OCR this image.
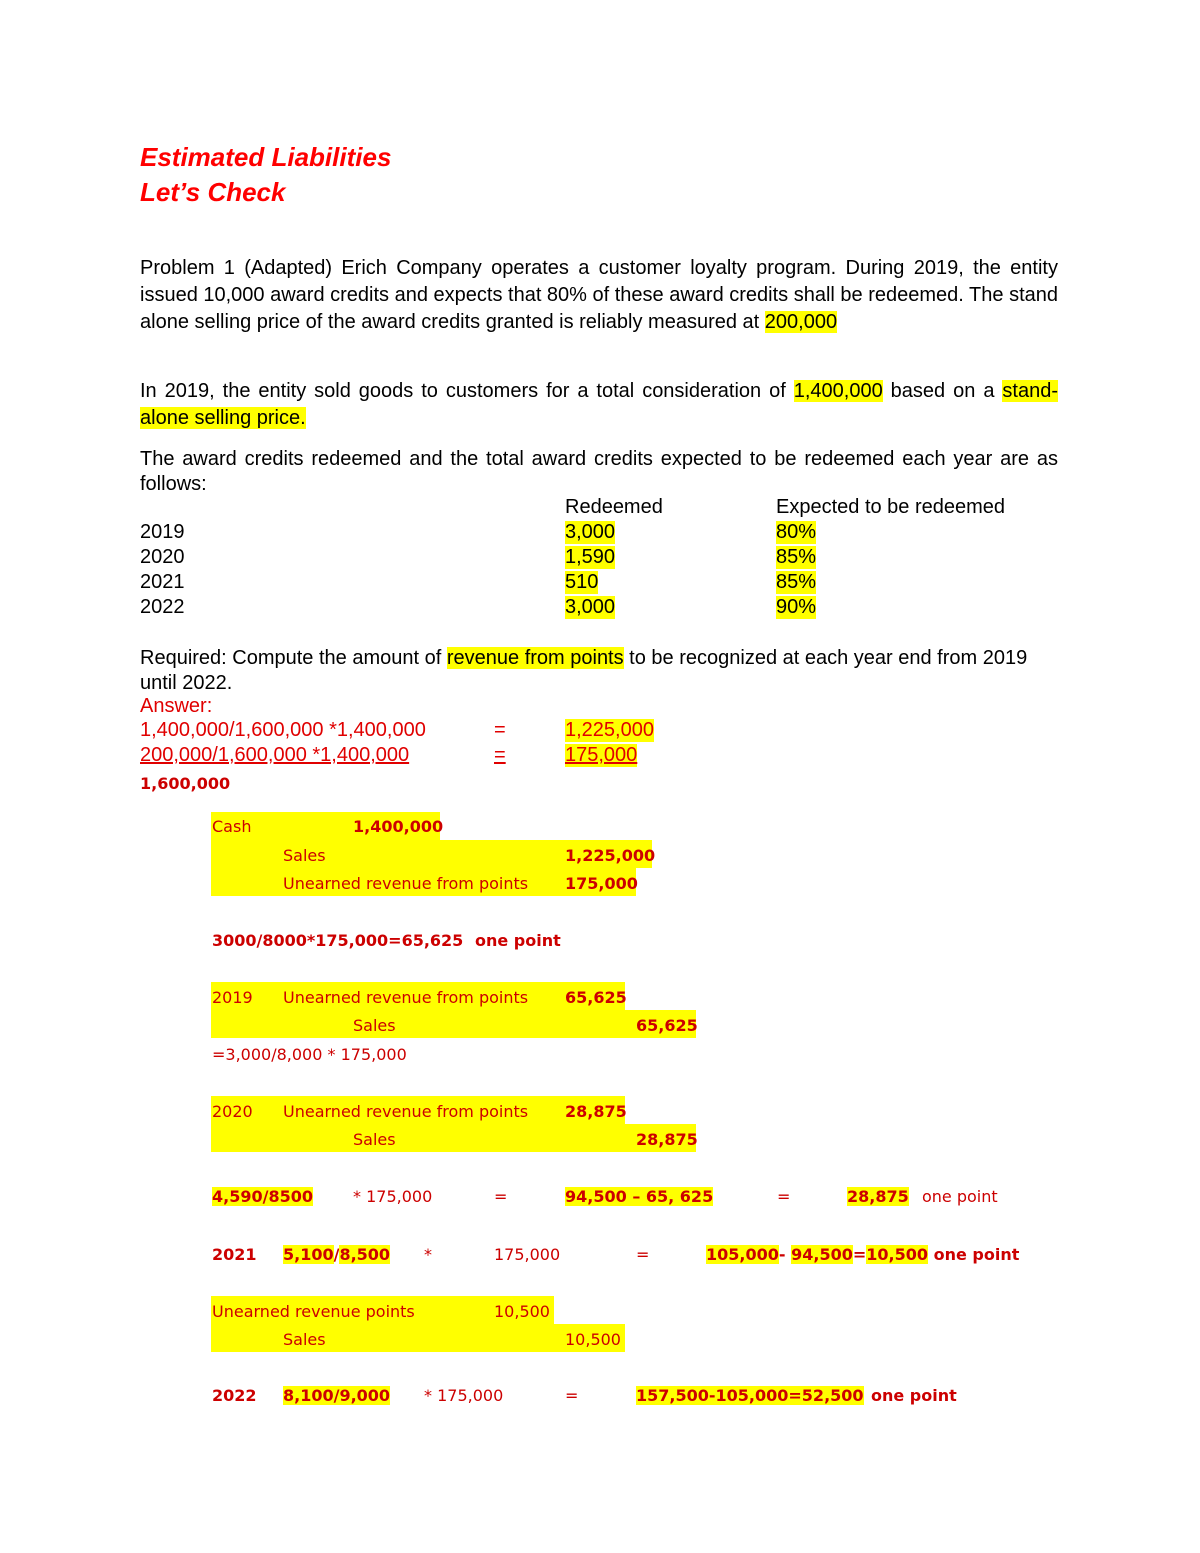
Estimated Liabilities
Let’s Check
Problem 1 (Adapted) Erich Company operates a customer loyalty program. During 2019, the entity issued 10,000 award credits and expects that 80% of these award credits shall be redeemed. The stand alone selling price of the award credits granted is reliably measured at 200,000
In 2019, the entity sold goods to customers for a total consideration of 1,400,000 based on a stand-alone selling price.
The award credits redeemed and the total award credits expected to be redeemed each year are as follows:
Redeemed	Expected to be redeemed
2019	3,000	80%
2020	1,590	85%
2021	510	85%
2022	3,000	90%
Required: Compute the amount of revenue from points to be recognized at each year end from 2019 until 2022.
Answer:
1,400,000/1,600,000 *1,400,000	=	1,225,000
200,000/1,600,000 *1,400,000	=	175,000
1,600,000
Cash	1,400,000
Sales	1,225,000
Unearned revenue from points 175,000
3000/8000*175,000=65,625 one point
2019 Unearned revenue from points 65,625
Sales	65,625
=3,000/8,000 * 175,000
2020 Unearned revenue from points 28,875
Sales	28,875
4,590/8500	* 175,000	=	94,500 – 65, 625	=	28,875 one point
2021 5,100/8,500 *	175,000	=	105,000- 94,500=10,500 one point
Unearned revenue points	10,500
Sales	10,500
2022 8,100/9,000 * 175,000	=	157,500-105,000=52,500 one point
